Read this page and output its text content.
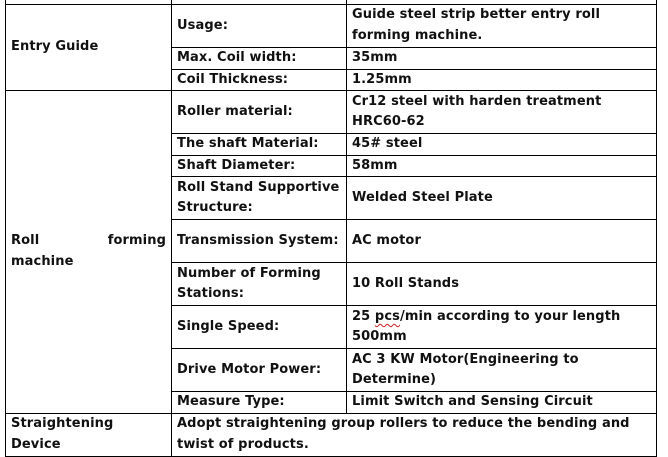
Entry Guide	Usage:	Guide steel strip better entry roll forming machine.
	Max. Coil width:	35mm
	Coil Thickness:	1.25mm

Roll forming
machine	Roller material:	Cr12 steel with harden treatment HRC60-62
	The shaft Material:	45# steel
	Shaft Diameter:	58mm
	Roll Stand Supportive Structure:	Welded Steel Plate
	Transmission System:	AC motor
	Number of Forming Stations:	10 Roll Stands
	Single Speed:	25 pcs/min according to your length 500mm
	Drive Motor Power:	AC 3 KW Motor(Engineering to Determine)
	Measure Type:	Limit Switch and Sensing Circuit
Straightening Device	Adopt straightening group rollers to reduce the bending and twist of products.	
